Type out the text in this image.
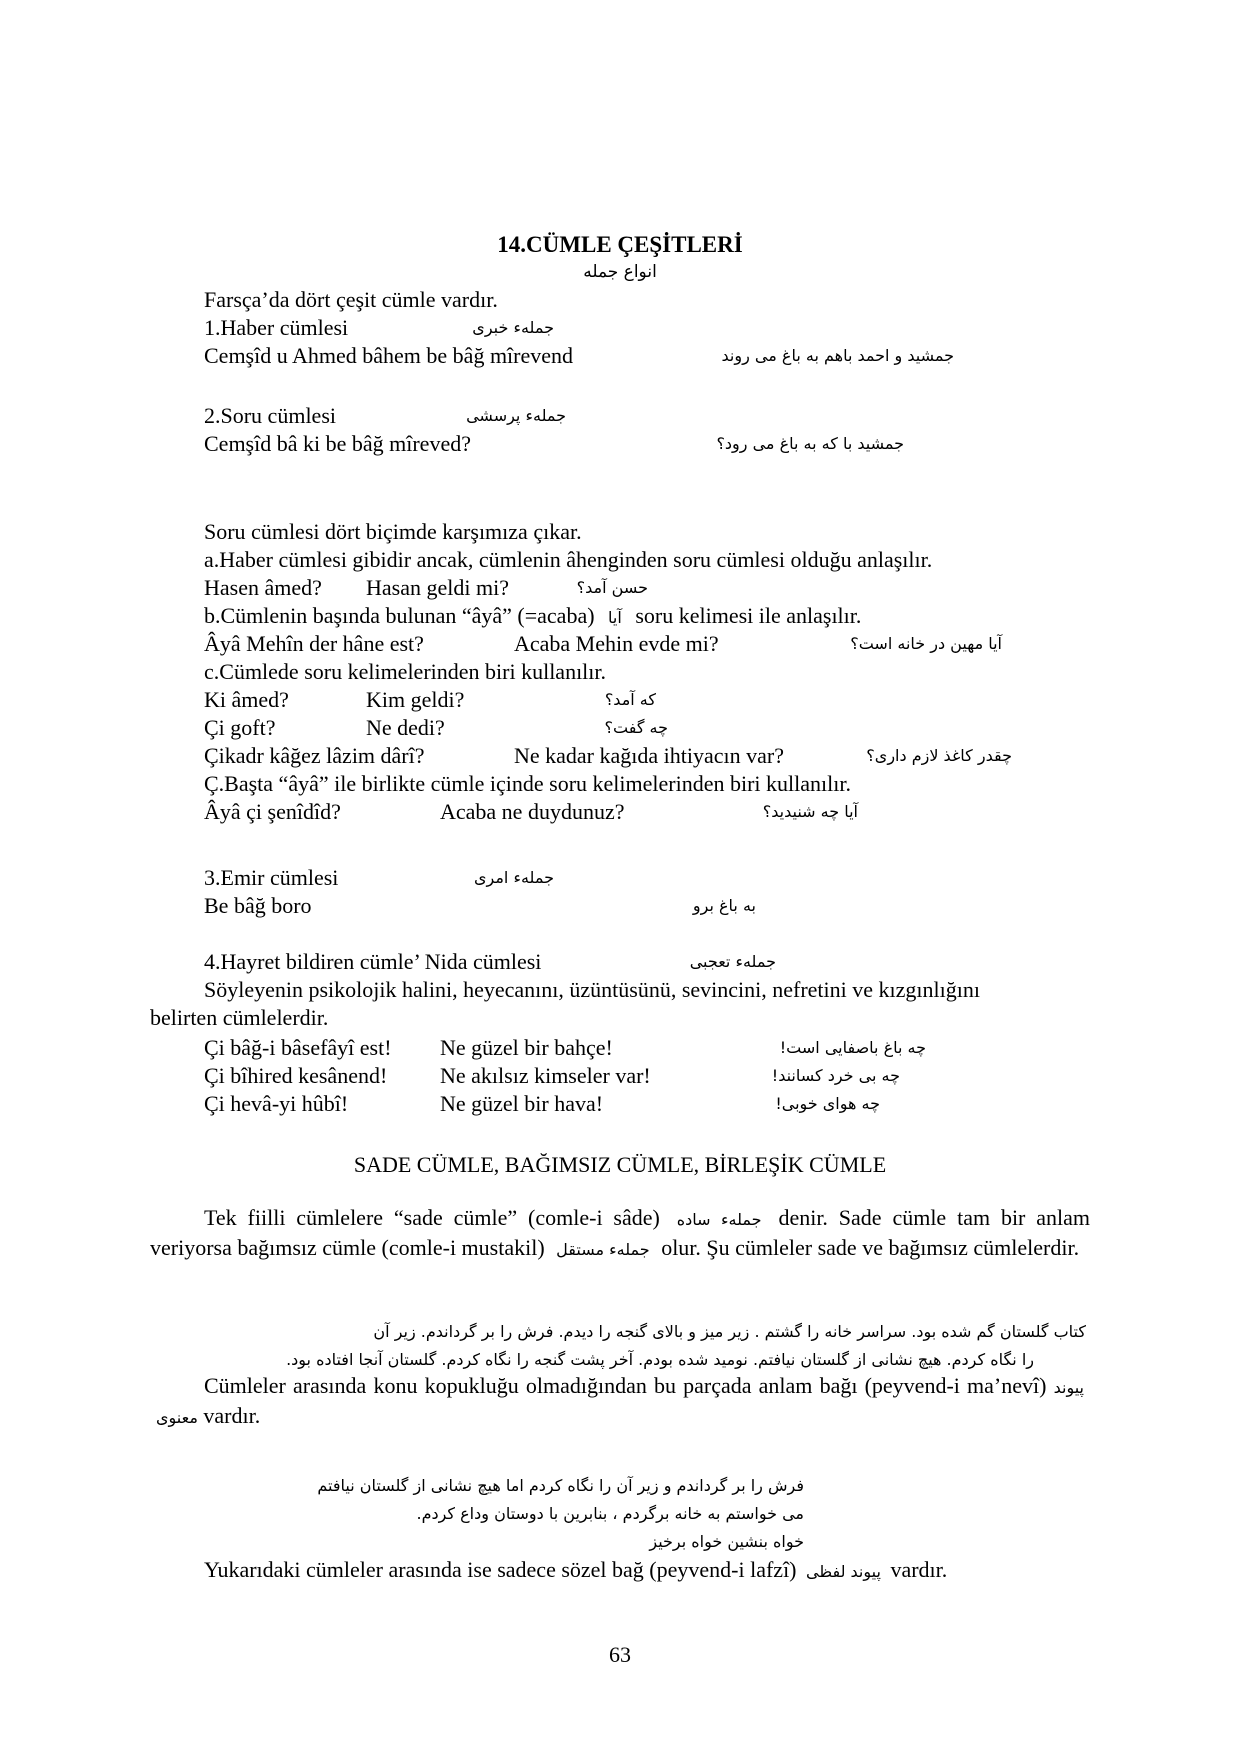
14.CÜMLE ÇEŞİTLERİ
انواع جمله
Farsça’da dört çeşit cümle vardır.
1.Haber cümlesi	جمله‌ء خبری
Cemşîd u Ahmed bâhem be bâğ mîrevend	جمشید و احمد باهم به باغ می روند
2.Soru cümlesi	جمله‌ء پرسشی
Cemşîd bâ ki be bâğ mîreved?	جمشید با که به باغ می رود؟
Soru cümlesi dört biçimde karşımıza çıkar.
a.Haber cümlesi gibidir ancak, cümlenin âhenginden soru cümlesi olduğu anlaşılır.
Hasen âmed? Hasan geldi mi?	حسن آمد؟
b.Cümlenin başında bulunan “âyâ” (=acaba) آیا soru kelimesi ile anlaşılır.
Âyâ Mehîn der hâne est?	Acaba Mehin evde mi?	آیا مهین در خانه است؟
c.Cümlede soru kelimelerinden biri kullanılır.
Ki âmed?	Kim geldi?	که آمد؟
Çi goft?	Ne dedi?	چه گفت؟
Çikadr kâğez lâzim dârî?	Ne kadar kağıda ihtiyacın var?	چقدر کاغذ لازم داری؟
Ç.Başta “âyâ” ile birlikte cümle içinde soru kelimelerinden biri kullanılır.
Âyâ çi şenîdîd?	Acaba ne duydunuz?	آیا چه شنیدید؟
3.Emir cümlesi	جمله‌ء امری
Be bâğ boro	به باغ برو
4.Hayret bildiren cümle’ Nida cümlesi	جمله‌ء تعجبی
Söyleyenin psikolojik halini, heyecanını, üzüntüsünü, sevincini, nefretini ve kızgınlığını
belirten cümlelerdir.
Çi bâğ-i bâsefâyî est! Ne güzel bir bahçe!	چه باغ باصفایی است!
Çi bîhired kesânend! Ne akılsız kimseler var!	چه بی خرد کسانند!
Çi hevâ-yi hûbî!	Ne güzel bir hava!	چه هوای خوبی!
SADE CÜMLE, BAĞIMSIZ CÜMLE, BİRLEŞİK CÜMLE
Tek fiilli cümlelere “sade cümle” (comle-i sâde) جمله‌ء ساده denir. Sade cümle tam bir anlam veriyorsa bağımsız cümle (comle-i mustakil) جمله‌ء مستقل olur. Şu cümleler sade ve bağımsız cümlelerdir.
کتاب گلستان گم شده بود. سراسر خانه را گشتم . زیر میز و بالای گنجه را دیدم. فرش را بر گرداندم. زیر آن
را نگاه کردم. هیچ نشانی از گلستان نیافتم. نومید شده بودم. آخر پشت گنجه را نگاه کردم. گلستان آنجا افتاده بود.
Cümleler arasında konu kopukluğu olmadığından bu parçada anlam bağı (peyvend-i ma’nevî) پیوند معنوی vardır.
فرش را بر گرداندم و زیر آن را نگاه کردم اما هیچ نشانی از گلستان نیافتم
می خواستم به خانه برگردم ، بنابرین با دوستان وداع کردم.
خواه بنشین خواه برخیز
Yukarıdaki cümleler arasında ise sadece sözel bağ (peyvend-i lafzî) پیوند لفظی vardır.
63
